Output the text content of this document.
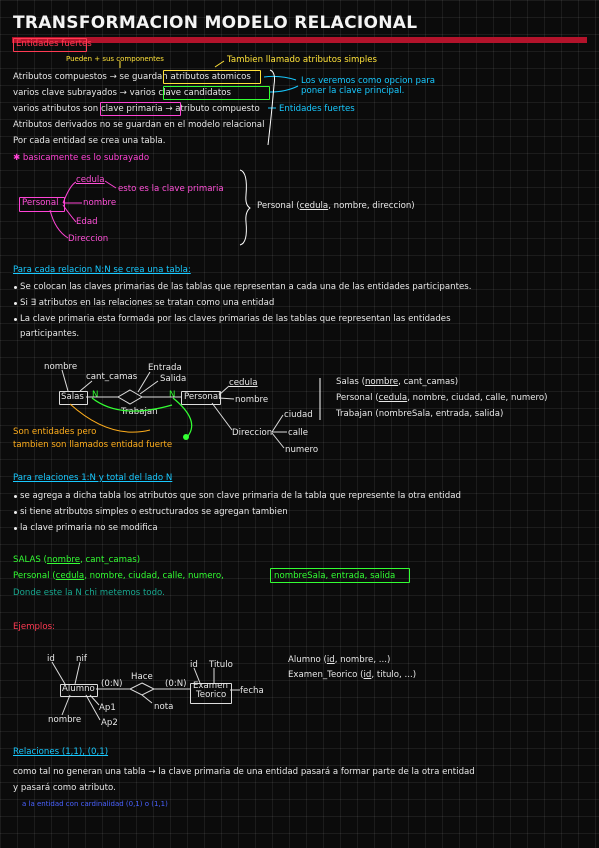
TRANSFORMACION MODELO RELACIONAL
Entidades fuertes
Pueden + sus componentes	Tambien llamado atributos simples
Atributos compuestos → se guardan atributos atomicos
varios clave subrayados → varios clave candidatos
varios atributos son clave primaria → atributo compuesto
Atributos derivados no se guardan en el modelo relacional
Por cada entidad se crea una tabla.
Los veremos como opcion para poner la clave principal.
Entidades fuertes
✱ basicamente es lo subrayado
Personal
cedula
nombre
Edad
Direccion
esto es la clave primaria
Personal (cedula, nombre, direccion)
Para cada relacion N:N se crea una tabla:
Se colocan las claves primarias de las tablas que representan a cada una de las entidades participantes.
Si ∃ atributos en las relaciones se tratan como una entidad
La clave primaria esta formada por las claves primarias de las tablas que representan las entidades
participantes.
nombre
cant_camas
Salas N
Entrada
Salida
N
Trabajan
Personal
cedula
nombre
Direccion
ciudad
calle
numero
Son entidades pero
tambien son llamados entidad fuerte
Salas (nombre, cant_camas)
Personal (cedula, nombre, ciudad, calle, numero)
Trabajan (nombreSala, entrada, salida)
Para relaciones 1:N y total del lado N
se agrega a dicha tabla los atributos que son clave primaria de la tabla que represente la otra entidad
si tiene atributos simples o estructurados se agregan tambien
la clave primaria no se modifica
SALAS (nombre, cant_camas)
Personal (cedula, nombre, ciudad, calle, numero,	nombreSala, entrada, salida
Donde este la N chi metemos todo.
Ejemplos:
id nif
Alumno (0:N)
Hace
(0:N)
nota
id Titulo
Examen
Teorico fecha
nombre
Ap1
Ap2
Alumno (id, nombre, ...)
Examen_Teorico (id, titulo, ...)
Relaciones (1,1), (0,1)
como tal no generan una tabla → la clave primaria de una entidad pasará a formar parte de la otra entidad
y pasará como atributo.
a la entidad con cardinalidad (0,1) o (1,1)
